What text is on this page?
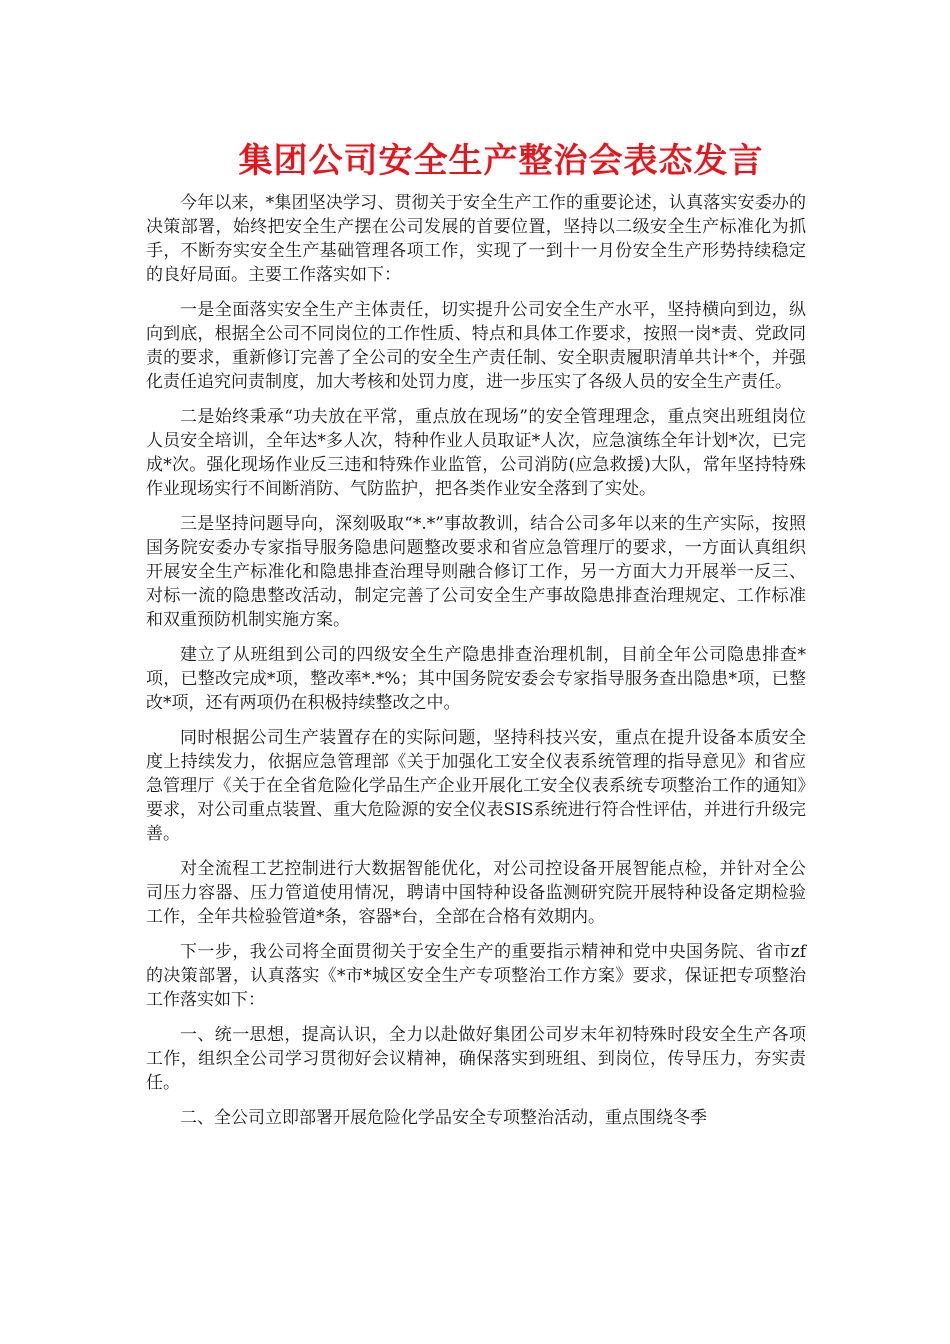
集团公司安全生产整治会表态发言

今年以来，*集团坚决学习、贯彻关于安全生产工作的重要论述，认真落实安委办的决策部署，始终把安全生产摆在公司发展的首要位置，坚持以二级安全生产标准化为抓手，不断夯实安全生产基础管理各项工作，实现了一到十一月份安全生产形势持续稳定的良好局面。主要工作落实如下：

一是全面落实安全生产主体责任，切实提升公司安全生产水平，坚持横向到边，纵向到底，根据全公司不同岗位的工作性质、特点和具体工作要求，按照一岗*责、党政同责的要求，重新修订完善了全公司的安全生产责任制、安全职责履职清单共计*个，并强化责任追究问责制度，加大考核和处罚力度，进一步压实了各级人员的安全生产责任。

二是始终秉承“功夫放在平常，重点放在现场”的安全管理理念，重点突出班组岗位人员安全培训，全年达*多人次，特种作业人员取证*人次，应急演练全年计划*次，已完成*次。强化现场作业反三违和特殊作业监管，公司消防(应急救援)大队，常年坚持特殊作业现场实行不间断消防、气防监护，把各类作业安全落到了实处。

三是坚持问题导向，深刻吸取“*.*”事故教训，结合公司多年以来的生产实际，按照国务院安委办专家指导服务隐患问题整改要求和省应急管理厅的要求，一方面认真组织开展安全生产标准化和隐患排查治理导则融合修订工作，另一方面大力开展举一反三、对标一流的隐患整改活动，制定完善了公司安全生产事故隐患排查治理规定、工作标准和双重预防机制实施方案。

建立了从班组到公司的四级安全生产隐患排查治理机制，目前全年公司隐患排查*项，已整改完成*项，整改率*.*%；其中国务院安委会专家指导服务查出隐患*项，已整改*项，还有两项仍在积极持续整改之中。

同时根据公司生产装置存在的实际问题，坚持科技兴安，重点在提升设备本质安全度上持续发力，依据应急管理部《关于加强化工安全仪表系统管理的指导意见》和省应急管理厅《关于在全省危险化学品生产企业开展化工安全仪表系统专项整治工作的通知》要求，对公司重点装置、重大危险源的安全仪表SIS系统进行符合性评估，并进行升级完善。

对全流程工艺控制进行大数据智能优化，对公司控设备开展智能点检，并针对全公司压力容器、压力管道使用情况，聘请中国特种设备监测研究院开展特种设备定期检验工作，全年共检验管道*条，容器*台，全部在合格有效期内。

下一步，我公司将全面贯彻关于安全生产的重要指示精神和党中央国务院、省市zf的决策部署，认真落实《*市*城区安全生产专项整治工作方案》要求，保证把专项整治工作落实如下：

一、统一思想，提高认识，全力以赴做好集团公司岁末年初特殊时段安全生产各项工作，组织全公司学习贯彻好会议精神，确保落实到班组、到岗位，传导压力，夯实责任。

二、全公司立即部署开展危险化学品安全专项整治活动，重点围绕冬季
